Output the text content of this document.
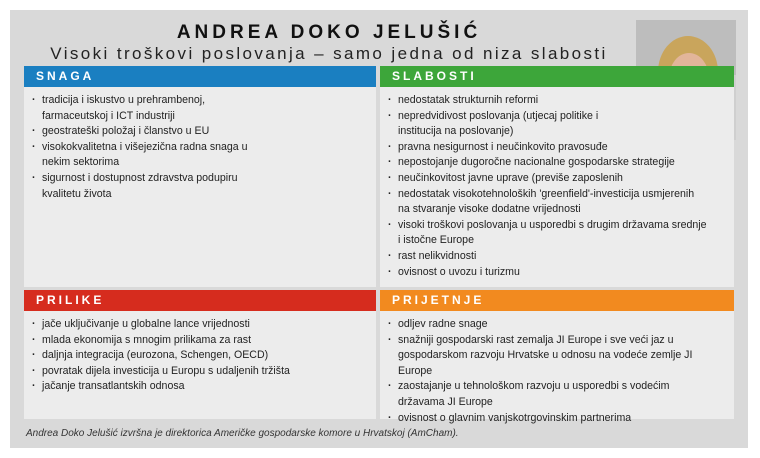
ANDREA DOKO JELUŠIĆ
Visoki troškovi poslovanja – samo jedna od niza slabosti
SNAGA
· tradicija i iskustvo u prehrambenoj,
farmaceutskoj i ICT industriji
· geostrateški položaj i članstvo u EU
· visokokvalitetna i višejezična radna snaga u
nekim sektorima
· sigurnost i dostupnost zdravstva podupiru
kvalitetu života
SLABOSTI
· nedostatak strukturnih reformi
· nepredvidivost poslovanja (utjecaj politike i
institucija na poslovanje)
· pravna nesigurnost i neučinkovito pravosuđe
· nepostojanje dugoročne nacionalne gospodarske strategije
· neučinkovitost javne uprave (previše zaposlenih
· nedostatak visokotehnoloških 'greenfield'-investicija usmjerenih
na stvaranje visoke dodatne vrijednosti
· visoki troškovi poslovanja u usporedbi s drugim državama srednje
i istočne Europe
· rast nelikvidnosti
· ovisnost o uvozu i turizmu
PRILIKE
· jače uključivanje u globalne lance vrijednosti
· mlada ekonomija s mnogim prilikama za rast
· daljnja integracija (eurozona, Schengen, OECD)
· povratak dijela investicija u Europu s udaljenih tržišta
· jačanje transatlantskih odnosa
PRIJETNJE
· odljev radne snage
· snažniji gospodarski rast zemalja JI Europe i sve veći jaz u
gospodarskom razvoju Hrvatske u odnosu na vodeće zemlje JI Europe
· zaostajanje u tehnološkom razvoju u usporedbi s vodećim
državama JI Europe
· ovisnost o glavnim vanjskotrgovinskim partnerima
Andrea Doko Jelušić izvršna je direktorica Američke gospodarske komore u Hrvatskoj (AmCham).
